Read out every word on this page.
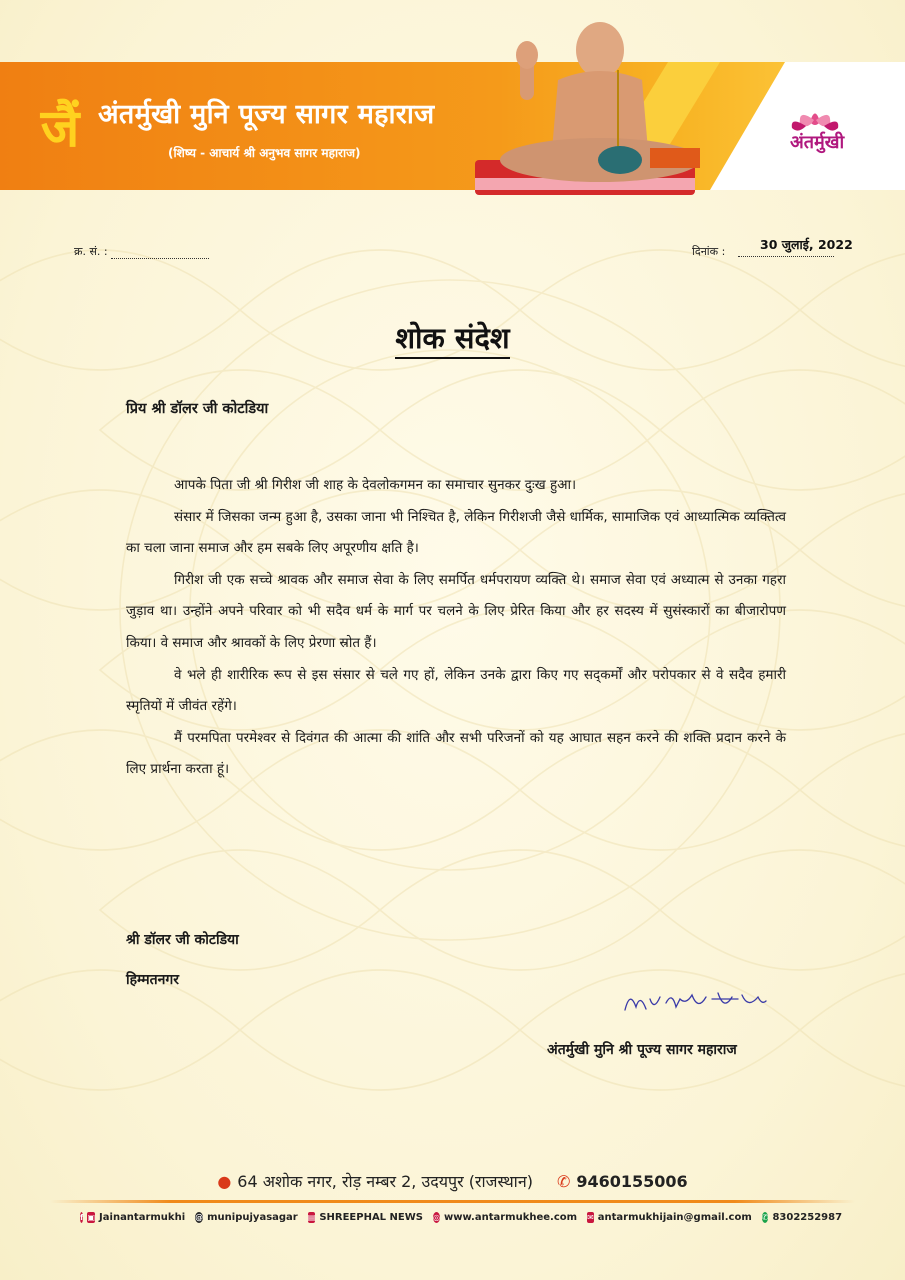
जैं अंतर्मुखी मुनि पूज्य सागर महाराज
(शिष्य - आचार्य श्री अनुभव सागर महाराज)	अंतर्मुखी
क्र. सं. :	दिनांक :	30 जुलाई, 2022
शोक संदेश
प्रिय श्री डॉलर जी कोटडिया

आपके पिता जी श्री गिरीश जी शाह के देवलोकगमन का समाचार सुनकर दुःख हुआ।

संसार में जिसका जन्म हुआ है, उसका जाना भी निश्चित है, लेकिन गिरीशजी जैसे धार्मिक, सामाजिक एवं आध्यात्मिक व्यक्तित्व का चला जाना समाज और हम सबके लिए अपूरणीय क्षति है।

गिरीश जी एक सच्चे श्रावक और समाज सेवा के लिए समर्पित धर्मपरायण व्यक्ति थे। समाज सेवा एवं अध्यात्म से उनका गहरा जुड़ाव था। उन्होंने अपने परिवार को भी सदैव धर्म के मार्ग पर चलने के लिए प्रेरित किया और हर सदस्य में सुसंस्कारों का बीजारोपण किया। वे समाज और श्रावकों के लिए प्रेरणा स्रोत हैं।

वे भले ही शारीरिक रूप से इस संसार से चले गए हों, लेकिन उनके द्वारा किए गए सद्कर्मों और परोपकार से वे सदैव हमारी स्मृतियों में जीवंत रहेंगे।

मैं परमपिता परमेश्वर से दिवंगत की आत्मा की शांति और सभी परिजनों को यह आघात सहन करने की शक्ति प्रदान करने के लिए प्रार्थना करता हूं।

श्री डॉलर जी कोटडिया
हिम्मतनगर
अंतर्मुखी मुनि श्री पूज्य सागर महाराज
● 64 अशोक नगर, रोड़ नम्बर 2, उदयपुर (राजस्थान) ✆ 9460155006
f ▣ Jainantarmukhi @ munipujyasagar ▤ SHREEPHAL NEWS ◎ www.antarmukhee.com ✉ antarmukhijain@gmail.com ✆ 8302252987
